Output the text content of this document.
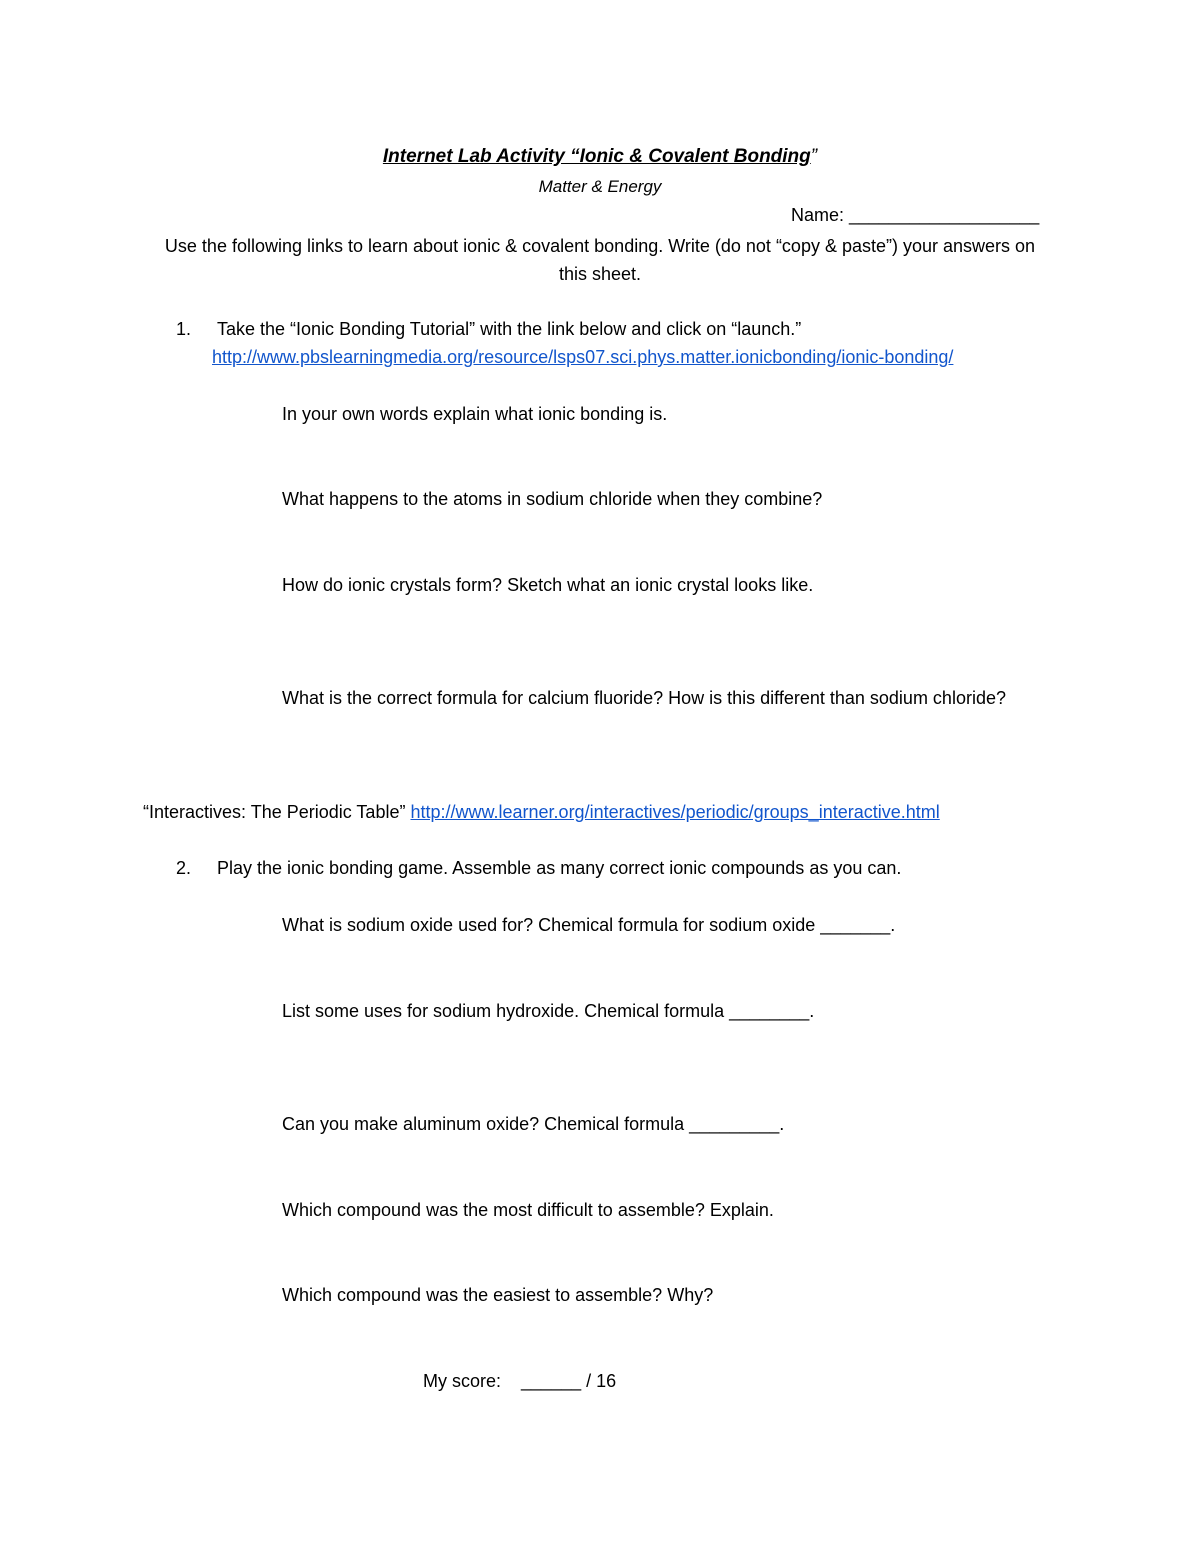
Internet Lab Activity “Ionic & Covalent Bonding”
Matter & Energy
Name: ___________________
Use the following links to learn about ionic & covalent bonding. Write (do not “copy & paste”) your answers on this sheet.
1. Take the “Ionic Bonding Tutorial” with the link below and click on “launch.”
http://www.pbslearningmedia.org/resource/lsps07.sci.phys.matter.ionicbonding/ionic-bonding/
In your own words explain what ionic bonding is.
What happens to the atoms in sodium chloride when they combine?
How do ionic crystals form? Sketch what an ionic crystal looks like.
What is the correct formula for calcium fluoride? How is this different than sodium chloride?
“Interactives: The Periodic Table” http://www.learner.org/interactives/periodic/groups_interactive.html
2. Play the ionic bonding game. Assemble as many correct ionic compounds as you can.
What is sodium oxide used for? Chemical formula for sodium oxide _______.
List some uses for sodium hydroxide. Chemical formula ________.
Can you make aluminum oxide? Chemical formula _________.
Which compound was the most difficult to assemble? Explain.
Which compound was the easiest to assemble? Why?
My score: ______ / 16
